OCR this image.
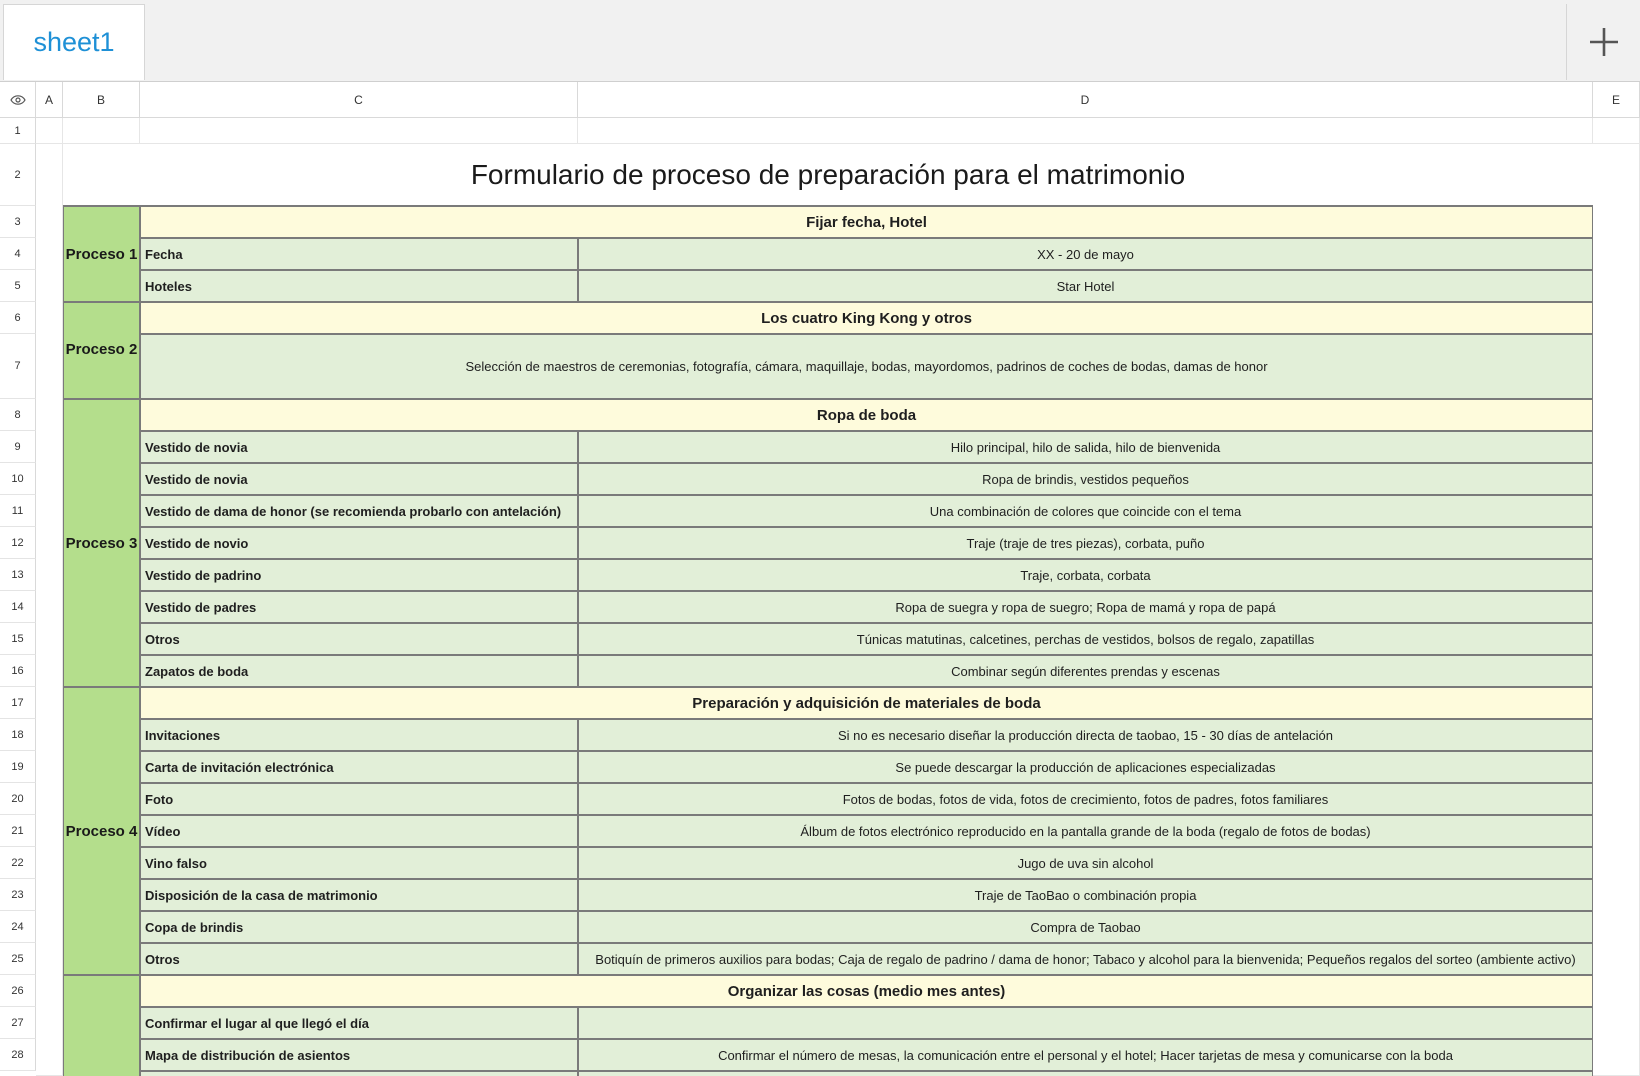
sheet1
A	B	C	D	E
1
2
3
4
5
6
7
8
9
10
11
12
13
14
15
16
17
18
19
20
21
22
23
24
25
26
27
28
Formulario de proceso de preparación para el matrimonio
Proceso 1
Fijar fecha, Hotel
Fecha	XX - 20 de mayo
Hoteles	Star Hotel
Proceso 2
Los cuatro King Kong y otros
Selección de maestros de ceremonias, fotografía, cámara, maquillaje, bodas, mayordomos, padrinos de coches de bodas, damas de honor
Proceso 3
Ropa de boda
Vestido de novia	Hilo principal, hilo de salida, hilo de bienvenida
Vestido de novia	Ropa de brindis, vestidos pequeños
Vestido de dama de honor (se recomienda probarlo con antelación)	Una combinación de colores que coincide con el tema
Vestido de novio	Traje (traje de tres piezas), corbata, puño
Vestido de padrino	Traje, corbata, corbata
Vestido de padres	Ropa de suegra y ropa de suegro; Ropa de mamá y ropa de papá
Otros	Túnicas matutinas, calcetines, perchas de vestidos, bolsos de regalo, zapatillas
Zapatos de boda	Combinar según diferentes prendas y escenas
Proceso 4
Preparación y adquisición de materiales de boda
Invitaciones	Si no es necesario diseñar la producción directa de taobao, 15 - 30 días de antelación
Carta de invitación electrónica	Se puede descargar la producción de aplicaciones especializadas
Foto	Fotos de bodas, fotos de vida, fotos de crecimiento, fotos de padres, fotos familiares
Vídeo	Álbum de fotos electrónico reproducido en la pantalla grande de la boda (regalo de fotos de bodas)
Vino falso	Jugo de uva sin alcohol
Disposición de la casa de matrimonio	Traje de TaoBao o combinación propia
Copa de brindis	Compra de Taobao
Otros	Botiquín de primeros auxilios para bodas; Caja de regalo de padrino / dama de honor; Tabaco y alcohol para la bienvenida; Pequeños regalos del sorteo (ambiente activo)
Organizar las cosas (medio mes antes)
Confirmar el lugar al que llegó el día
Mapa de distribución de asientos	Confirmar el número de mesas, la comunicación entre el personal y el hotel; Hacer tarjetas de mesa y comunicarse con la boda
